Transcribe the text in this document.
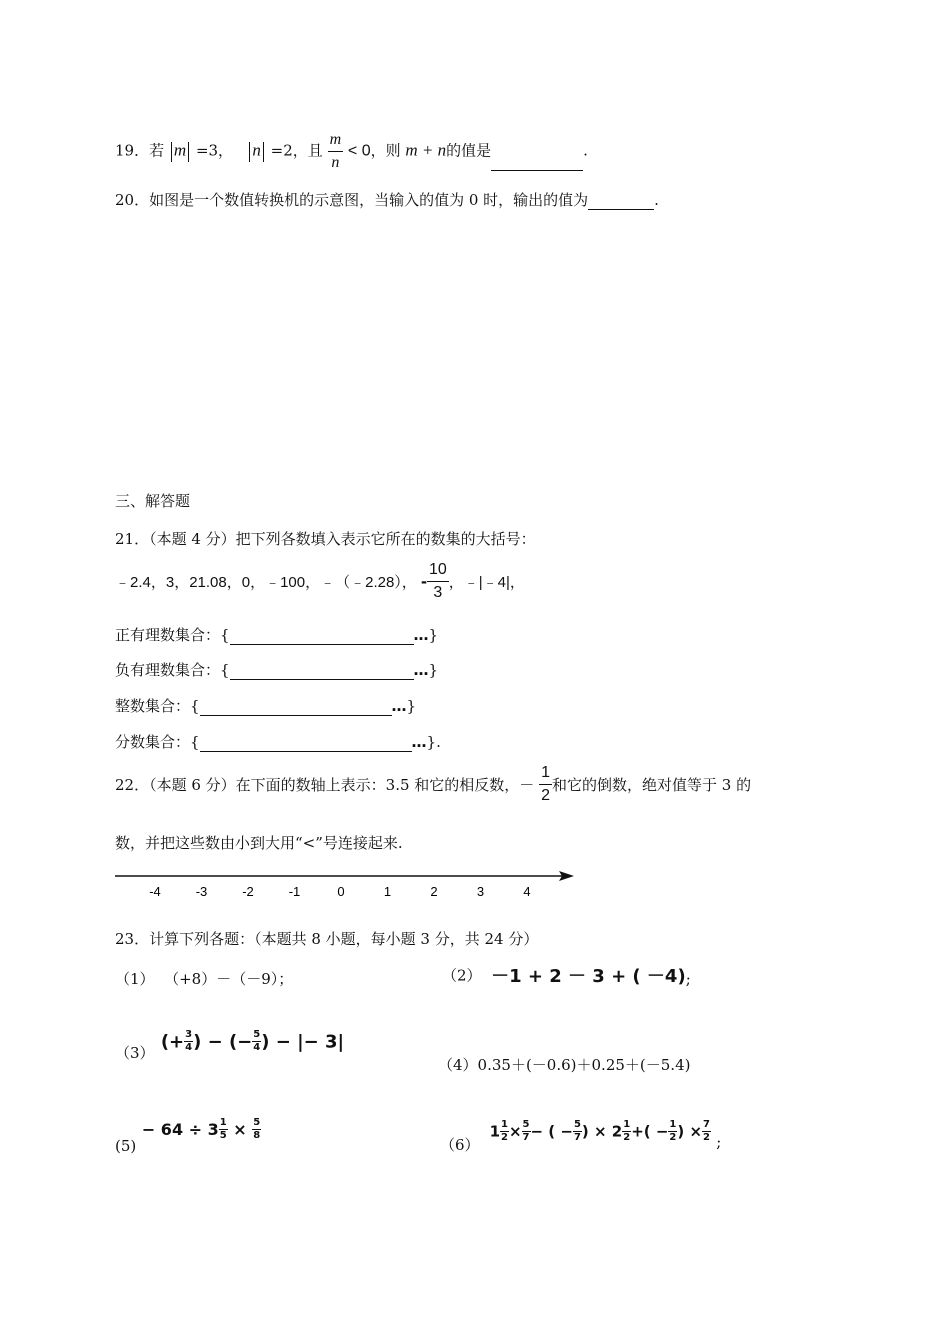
19．若 m =3， n =2，且 $\frac{m}{n} < 0$，则 m + n的值是	.
20．如图是一个数值转换机的示意图，当输入的值为 0 时，输出的值为	.
三、解答题
21．（本题 4 分）把下列各数填入表示它所在的数集的大括号：
﹣2.4，3，21.08，0，﹣100，﹣（﹣2.28）， - $\frac{10}{3}$ ，﹣|﹣4|，
正有理数集合：{	…}
负有理数集合：{	…}
整数集合：{	…}
分数集合：{	…}.
22．（本题 6 分）在下面的数轴上表示：3.5 和它的相反数，－ $\frac{1}{2}$ 和它的倒数，绝对值等于 3 的
数，并把这些数由小到大用“<”号连接起来.
-4	-3	-2	-1	0	1	2	3	4
23．计算下列各题：（本题共 8 小题，每小题 3 分，共 24 分）
（1） （+8）－（－9）；	（2） －1 + 2 － 3 + ( －4);
（3） (+ $\frac{3}{4}$ ) − (− $\frac{5}{4}$ ) − |− 3|
（4）0.35＋(－0.6)＋0.25＋(－5.4)
$(5) - 64 \div 3 \frac{1}{5} \times \frac{5}{8}$
（6）  $1 \frac{1}{2} \times \frac{5}{7}$ − ( − $\frac{5}{7}$ ) × $2 \frac{1}{2}$ +( − $\frac{1}{2}$ ) × $\frac{7}{2}$ ;
